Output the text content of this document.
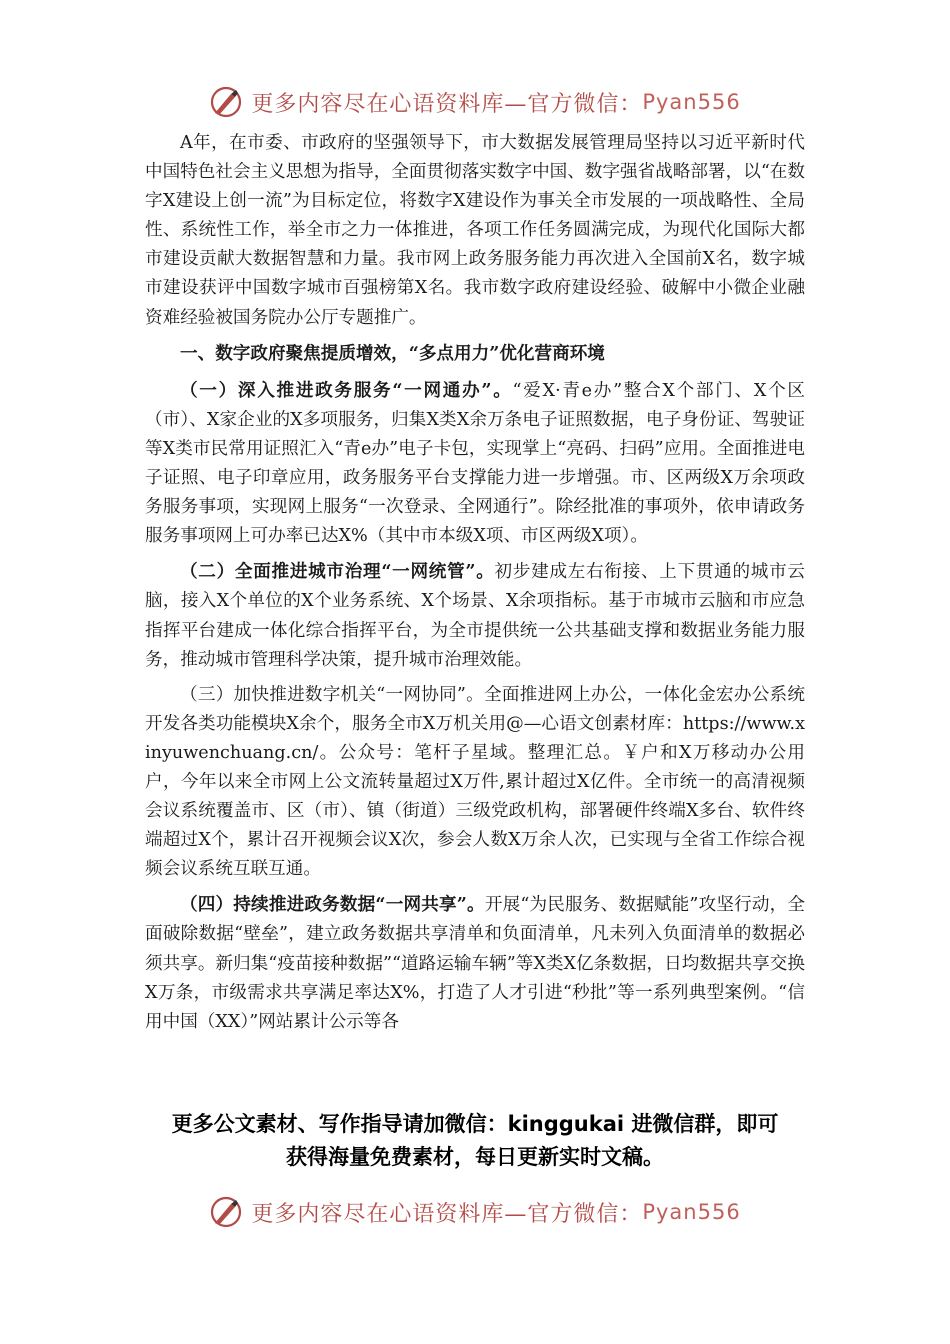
更多内容尽在心语资料库—官方微信： Pyan556

A年，在市委、市政府的坚强领导下，市大数据发展管理局坚持以习近平新时代中国特色社会主义思想为指导，全面贯彻落实数字中国、数字强省战略部署，以“在数字X建设上创一流”为目标定位，将数字X建设作为事关全市发展的一项战略性、全局性、系统性工作，举全市之力一体推进，各项工作任务圆满完成，为现代化国际大都市建设贡献大数据智慧和力量。我市网上政务服务能力再次进入全国前X名，数字城市建设获评中国数字城市百强榜第X名。我市数字政府建设经验、破解中小微企业融资难经验被国务院办公厅专题推广。

一、数字政府聚焦提质增效，“多点用力”优化营商环境

（一）深入推进政务服务“一网通办”。“爱X·青e办”整合X个部门、X个区（市）、X家企业的X多项服务，归集X类X余万条电子证照数据，电子身份证、驾驶证等X类市民常用证照汇入“青e办”电子卡包，实现掌上“亮码、扫码”应用。全面推进电子证照、电子印章应用，政务服务平台支撑能力进一步增强。市、区两级X万余项政务服务事项，实现网上服务“一次登录、全网通行”。除经批准的事项外，依申请政务服务事项网上可办率已达X%（其中市本级X项、市区两级X项）。

（二）全面推进城市治理“一网统管”。初步建成左右衔接、上下贯通的城市云脑，接入X个单位的X个业务系统、X个场景、X余项指标。基于市城市云脑和市应急指挥平台建成一体化综合指挥平台，为全市提供统一公共基础支撑和数据业务能力服务，推动城市管理科学决策，提升城市治理效能。

（三）加快推进数字机关“一网协同”。全面推进网上办公，一体化金宏办公系统开发各类功能模块X余个，服务全市X万机关用@—心语文创素材库：https://www.xinyuwenchuang.cn/。公众号：笔杆子星域。整理汇总。￥户和X万移动办公用户，今年以来全市网上公文流转量超过X万件,累计超过X亿件。全市统一的高清视频会议系统覆盖市、区（市）、镇（街道）三级党政机构，部署硬件终端X多台、软件终端超过X个，累计召开视频会议X次，参会人数X万余人次，已实现与全省工作综合视频会议系统互联互通。

（四）持续推进政务数据“一网共享”。开展“为民服务、数据赋能”攻坚行动，全面破除数据“壁垒”，建立政务数据共享清单和负面清单，凡未列入负面清单的数据必须共享。新归集“疫苗接种数据”“道路运输车辆”等X类X亿条数据，日均数据共享交换X万条，市级需求共享满足率达X%，打造了人才引进“秒批”等一系列典型案例。“信用中国（XX）”网站累计公示等各

更多公文素材、写作指导请加微信：kinggukai 进微信群，即可
获得海量免费素材，每日更新实时文稿。
更多内容尽在心语资料库—官方微信： Pyan556
